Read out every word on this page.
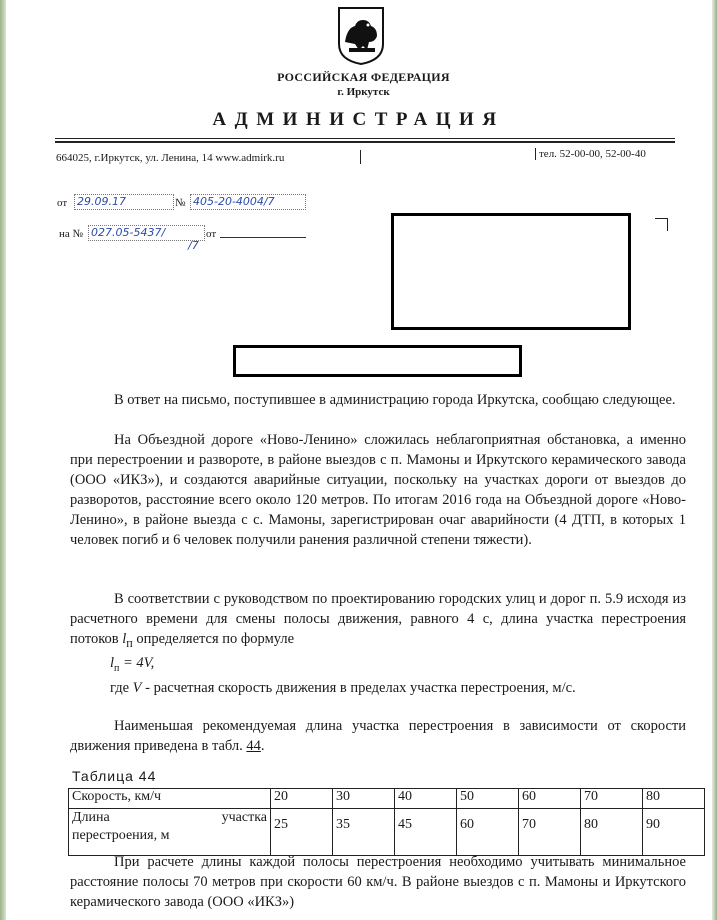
РОССИЙСКАЯ ФЕДЕРАЦИЯ
г. Иркутск
АДМИНИСТРАЦИЯ
664025, г.Иркутск, ул. Ленина, 14 www.admirk.ru	тел. 52-00-00, 52-00-40
от 29.09.17	№ 405-20-4004/7
на № 027.05-5437/	от
/7
В ответ на письмо, поступившее в администрацию города Иркутска, сообщаю следующее.
На Объездной дороге «Ново-Ленино» сложилась неблагоприятная обстановка, а именно при перестроении и развороте, в районе выездов с п. Мамоны и Иркутского керамического завода (ООО «ИКЗ»), и создаются аварийные ситуации, поскольку на участках дороги от выездов до разворотов, расстояние всего около 120 метров. По итогам 2016 года на Объездной дороге «Ново-Ленино», в районе выезда с с. Мамоны, зарегистрирован очаг аварийности (4 ДТП, в которых 1 человек погиб и 6 человек получили ранения различной степени тяжести).
В соответствии с руководством по проектированию городских улиц и дорог п. 5.9 исходя из расчетного времени для смены полосы движения, равного 4 с, длина участка перестроения потоков $l_п$ определяется по формуле
$l_п = 4V$,
где V - расчетная скорость движения в пределах участка перестроения, м/с.
Наименьшая рекомендуемая длина участка перестроения в зависимости от скорости движения приведена в табл. 44.
Таблица 44
Скорость, км/ч	20	30	40	50	60	70	80

Длина участка
перестроения, м	25	35	45	60	70	80	90
При расчете длины каждой полосы перестроения необходимо учитывать минимальное расстояние полосы 70 метров при скорости 60 км/ч. В районе выездов с п. Мамоны и Иркутского керамического завода (ООО «ИКЗ»)
